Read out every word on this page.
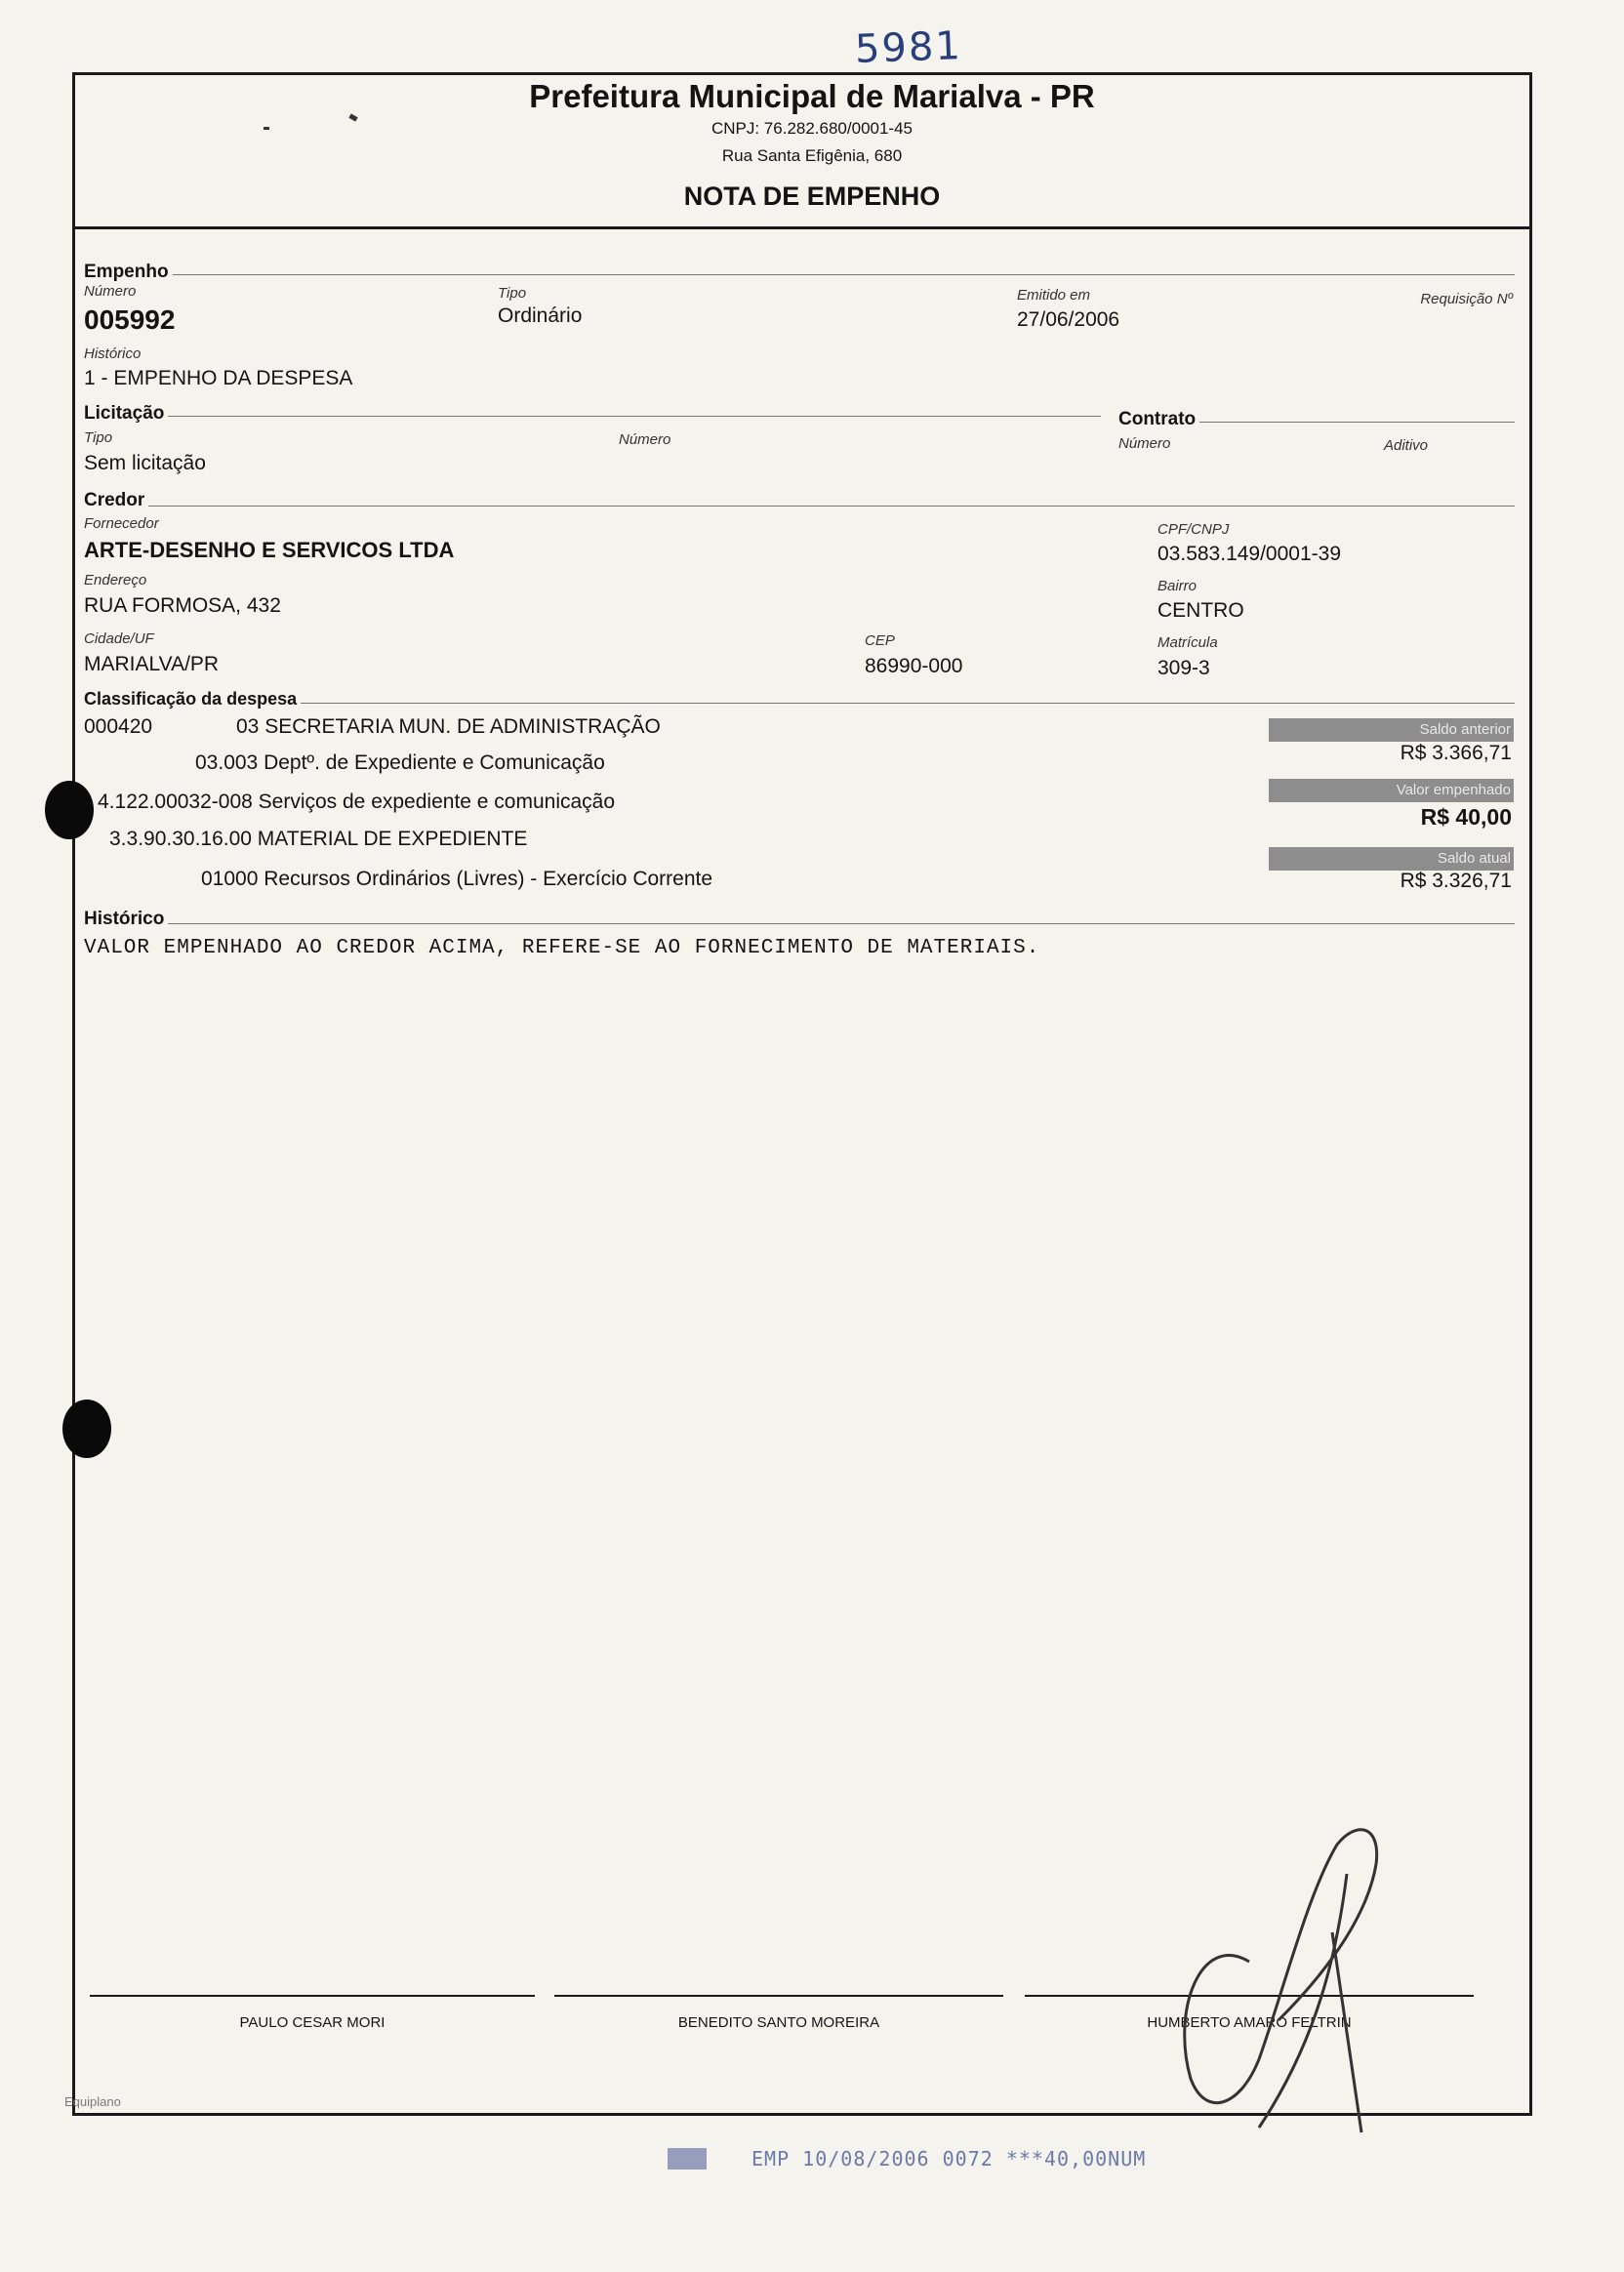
5981
Prefeitura Municipal de Marialva - PR
CNPJ: 76.282.680/0001-45
Rua Santa Efigênia, 680
NOTA DE EMPENHO
Empenho
Número
005992
Tipo
Ordinário
Emitido em
27/06/2006
Requisição Nº
Histórico
1 - EMPENHO DA DESPESA
Licitação
Tipo
Sem licitação
Número
Contrato
Número	Aditivo
Credor
Fornecedor
ARTE-DESENHO E SERVICOS LTDA
CPF/CNPJ
03.583.149/0001-39
Endereço
RUA FORMOSA, 432
Bairro
CENTRO
Cidade/UF
MARIALVA/PR
CEP
86990-000
Matrícula
309-3
Classificação da despesa
000420	03 SECRETARIA MUN. DE ADMINISTRAÇÃO
03.003 Deptº. de Expediente e Comunicação
4.122.00032-008 Serviços de expediente e comunicação
3.3.90.30.16.00 MATERIAL DE EXPEDIENTE
01000 Recursos Ordinários (Livres) - Exercício Corrente
Saldo anterior
R$ 3.366,71
Valor empenhado
R$ 40,00
Saldo atual
R$ 3.326,71
Histórico
VALOR EMPENHADO AO CREDOR ACIMA, REFERE-SE AO FORNECIMENTO DE MATERIAIS.
PAULO CESAR MORI	BENEDITO SANTO MOREIRA	HUMBERTO AMARO FELTRIN
Equiplano
EMP 10/08/2006 0072 ***40,00NUM
